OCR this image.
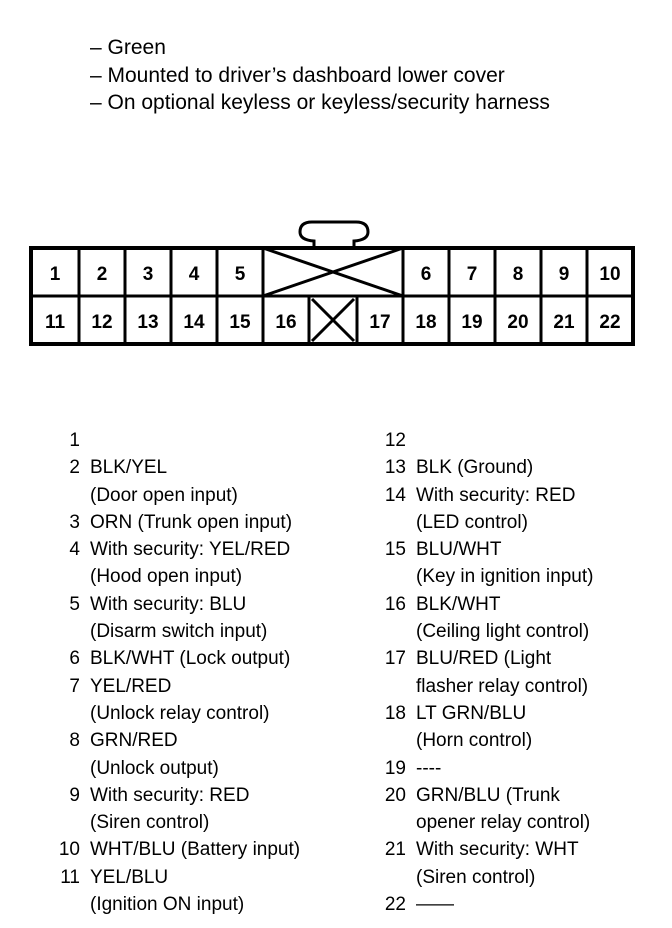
– Green
– Mounted to driver’s dashboard lower cover
– On optional keyless or keyless/security harness
1 2 3 4 5	6 7 8 9 10
11 12 13 14 15 16	17 18 19 20 21 22
1
2 BLK/YEL
(Door open input)
3 ORN (Trunk open input)
4 With security: YEL/RED
(Hood open input)
5 With security: BLU
(Disarm switch input)
6 BLK/WHT (Lock output)
7 YEL/RED
(Unlock relay control)
8 GRN/RED
(Unlock output)
9 With security: RED
(Siren control)
10 WHT/BLU (Battery input)
11 YEL/BLU
(Ignition ON input)
12
13 BLK (Ground)
14 With security: RED
(LED control)
15 BLU/WHT
(Key in ignition input)
16 BLK/WHT
(Ceiling light control)
17 BLU/RED (Light
flasher relay control)
18 LT GRN/BLU
(Horn control)
19 ----
20 GRN/BLU (Trunk
opener relay control)
21 With security: WHT
(Siren control)
22 ——
